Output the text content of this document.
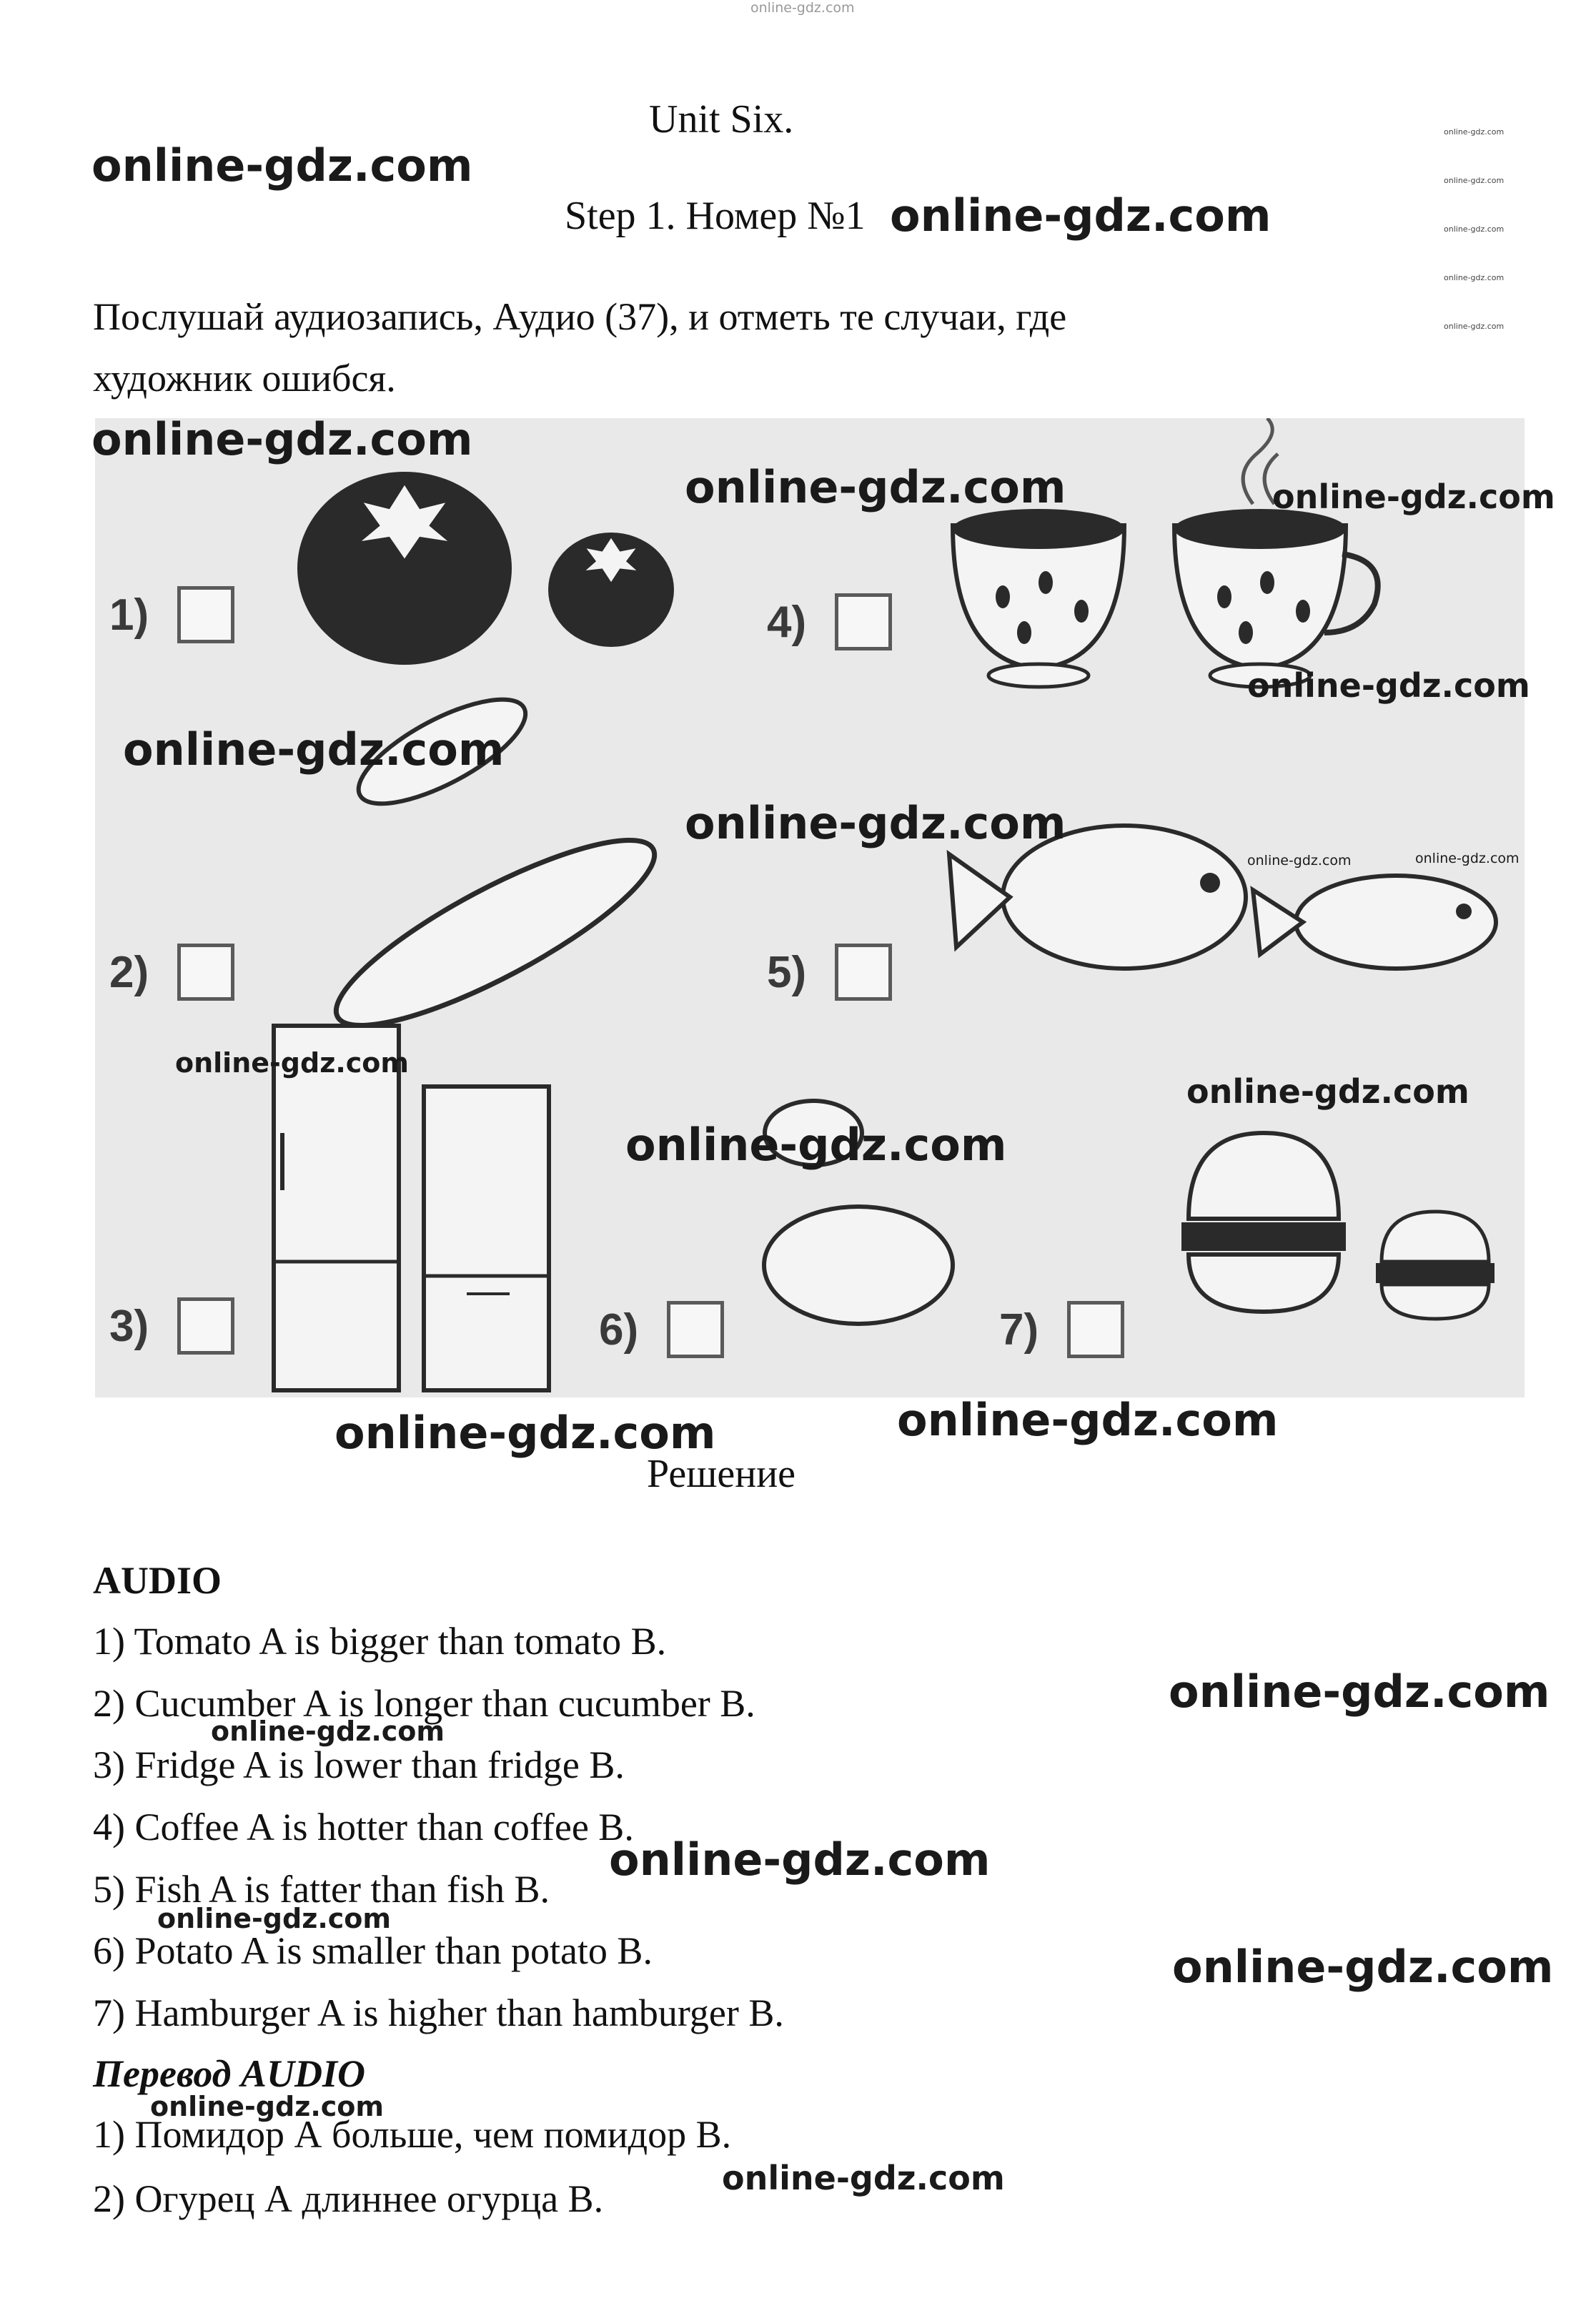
online-gdz.com
Unit Six.
Step 1. Номер №1
Послушай аудиозапись, Аудио (37), и отметь те случаи, где
художник ошибся.
1)
2)
3)
4)
5)
6)	7)
Решение
AUDIO
1) Tomato A is bigger than tomato B.
2) Cucumber A is longer than cucumber B.
3) Fridge A is lower than fridge B.
4) Coffee A is hotter than coffee B.
5) Fish A is fatter than fish B.
6) Potato A is smaller than potato B.
7) Hamburger A is higher than hamburger B.
Перевод AUDIO
1) Помидор А больше, чем помидор В.
2) Огурец А длиннее огурца В.
online-gdz.com
online-gdz.com
online-gdz.com
online-gdz.com
online-gdz.com
online-gdz.com
online-gdz.com
online-gdz.com
online-gdz.com	online-gdz.com
online-gdz.com
online-gdz.com
online-gdz.com
online-gdz.com	online-gdz.com
online-gdz.com
online-gdz.com
online-gdz.com
online-gdz.com	online-gdz.com
online-gdz.com
online-gdz.com
online-gdz.com
online-gdz.com
online-gdz.com
online-gdz.com
online-gdz.com
